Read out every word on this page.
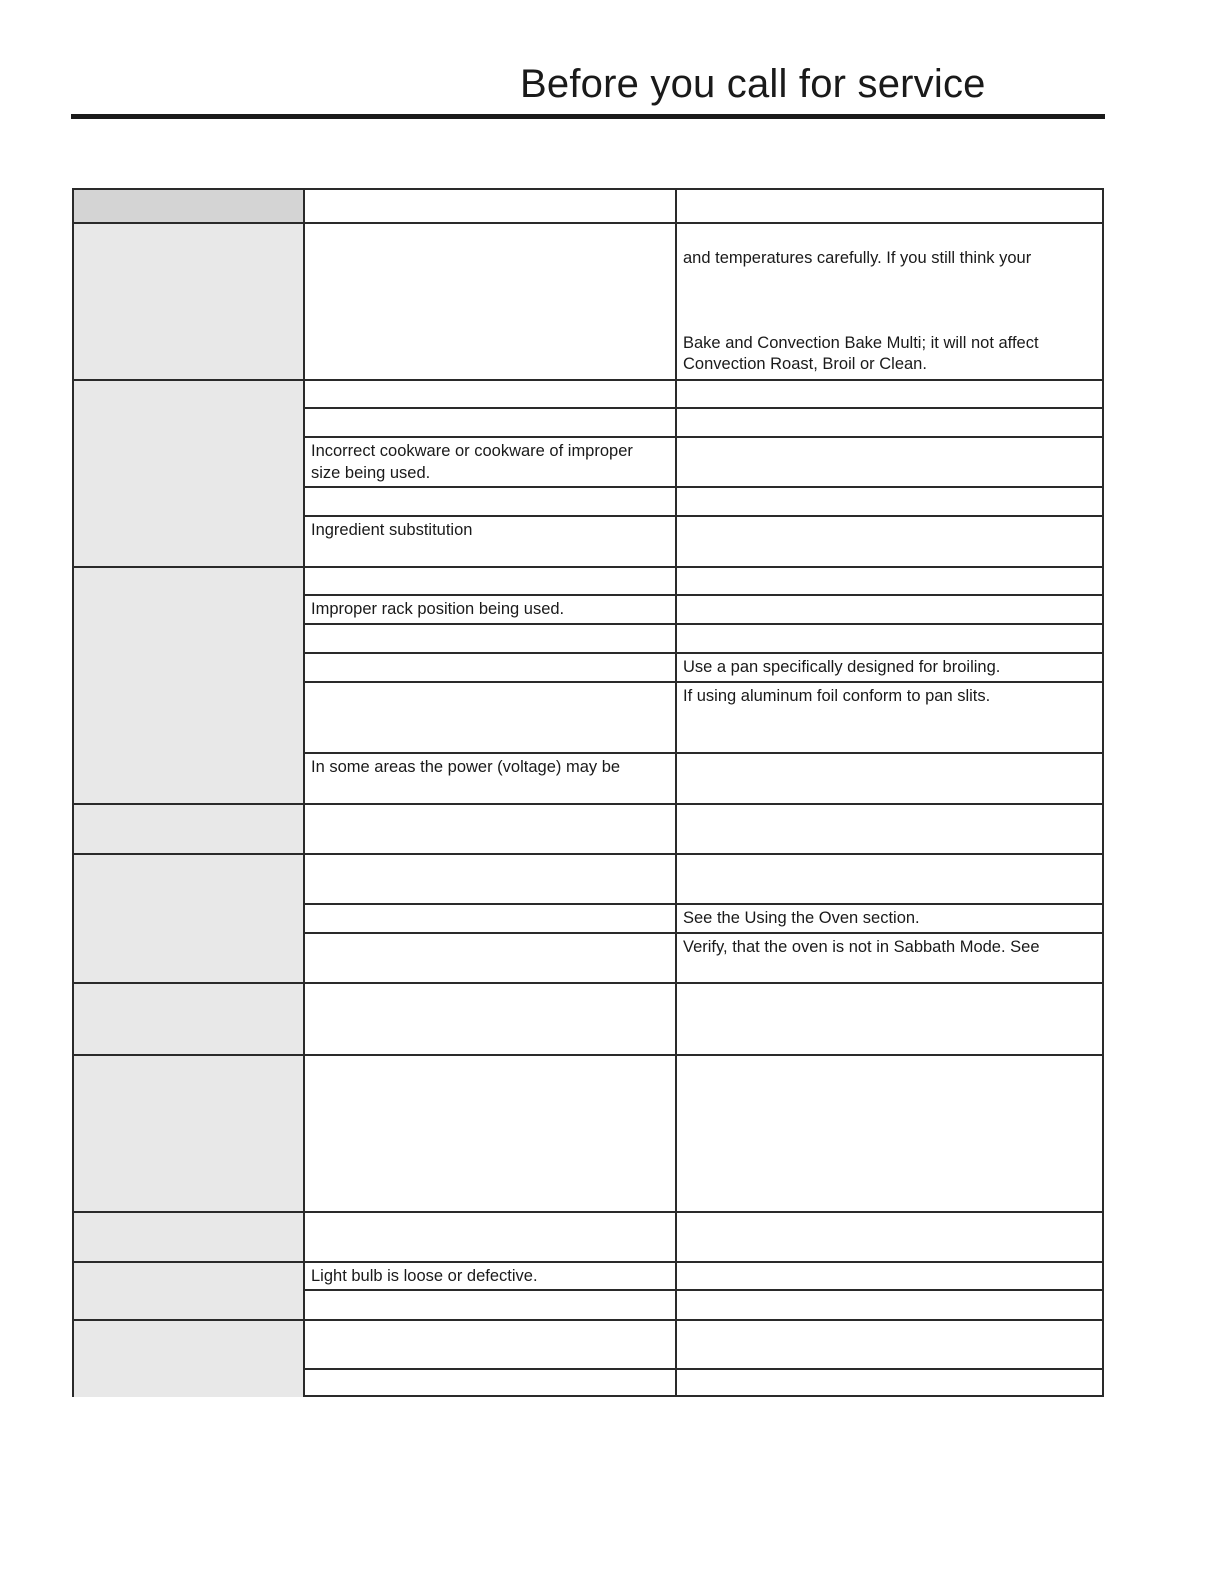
Before you call for service
and temperatures carefully. If you still think your
Bake and Convection Bake Multi; it will not affect
Convection Roast, Broil or Clean.
Incorrect cookware or cookware of improper
size being used.
Ingredient substitution
Improper rack position being used.
Use a pan specifically designed for broiling.
If using aluminum foil conform to pan slits.
In some areas the power (voltage) may be
See the Using the Oven section.
Verify, that the oven is not in Sabbath Mode. See
Light bulb is loose or defective.
